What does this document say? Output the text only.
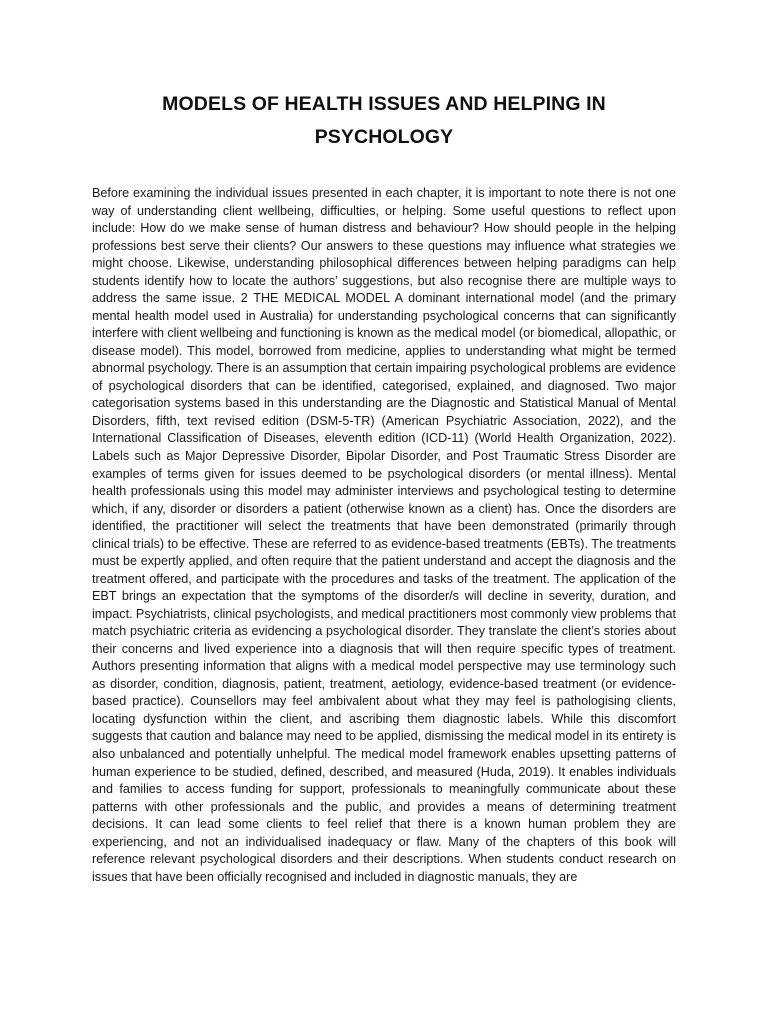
MODELS OF HEALTH ISSUES AND HELPING IN PSYCHOLOGY

Before examining the individual issues presented in each chapter, it is important to note there is not one way of understanding client wellbeing, difficulties, or helping. Some useful questions to reflect upon include: How do we make sense of human distress and behaviour? How should people in the helping professions best serve their clients? Our answers to these questions may influence what strategies we might choose. Likewise, understanding philosophical differences between helping paradigms can help students identify how to locate the authors’ suggestions, but also recognise there are multiple ways to address the same issue. 2 THE MEDICAL MODEL A dominant international model (and the primary mental health model used in Australia) for understanding psychological concerns that can significantly interfere with client wellbeing and functioning is known as the medical model (or biomedical, allopathic, or disease model). This model, borrowed from medicine, applies to understanding what might be termed abnormal psychology. There is an assumption that certain impairing psychological problems are evidence of psychological disorders that can be identified, categorised, explained, and diagnosed. Two major categorisation systems based in this understanding are the Diagnostic and Statistical Manual of Mental Disorders, fifth, text revised edition (DSM-5-TR) (American Psychiatric Association, 2022), and the International Classification of Diseases, eleventh edition (ICD-11) (World Health Organization, 2022). Labels such as Major Depressive Disorder, Bipolar Disorder, and Post Traumatic Stress Disorder are examples of terms given for issues deemed to be psychological disorders (or mental illness). Mental health professionals using this model may administer interviews and psychological testing to determine which, if any, disorder or disorders a patient (otherwise known as a client) has. Once the disorders are identified, the practitioner will select the treatments that have been demonstrated (primarily through clinical trials) to be effective. These are referred to as evidence-based treatments (EBTs). The treatments must be expertly applied, and often require that the patient understand and accept the diagnosis and the treatment offered, and participate with the procedures and tasks of the treatment. The application of the EBT brings an expectation that the symptoms of the disorder/s will decline in severity, duration, and impact. Psychiatrists, clinical psychologists, and medical practitioners most commonly view problems that match psychiatric criteria as evidencing a psychological disorder. They translate the client’s stories about their concerns and lived experience into a diagnosis that will then require specific types of treatment. Authors presenting information that aligns with a medical model perspective may use terminology such as disorder, condition, diagnosis, patient, treatment, aetiology, evidence-based treatment (or evidence-based practice). Counsellors may feel ambivalent about what they may feel is pathologising clients, locating dysfunction within the client, and ascribing them diagnostic labels. While this discomfort suggests that caution and balance may need to be applied, dismissing the medical model in its entirety is also unbalanced and potentially unhelpful. The medical model framework enables upsetting patterns of human experience to be studied, defined, described, and measured (Huda, 2019). It enables individuals and families to access funding for support, professionals to meaningfully communicate about these patterns with other professionals and the public, and provides a means of determining treatment decisions. It can lead some clients to feel relief that there is a known human problem they are experiencing, and not an individualised inadequacy or flaw. Many of the chapters of this book will reference relevant psychological disorders and their descriptions. When students conduct research on issues that have been officially recognised and included in diagnostic manuals, they are
